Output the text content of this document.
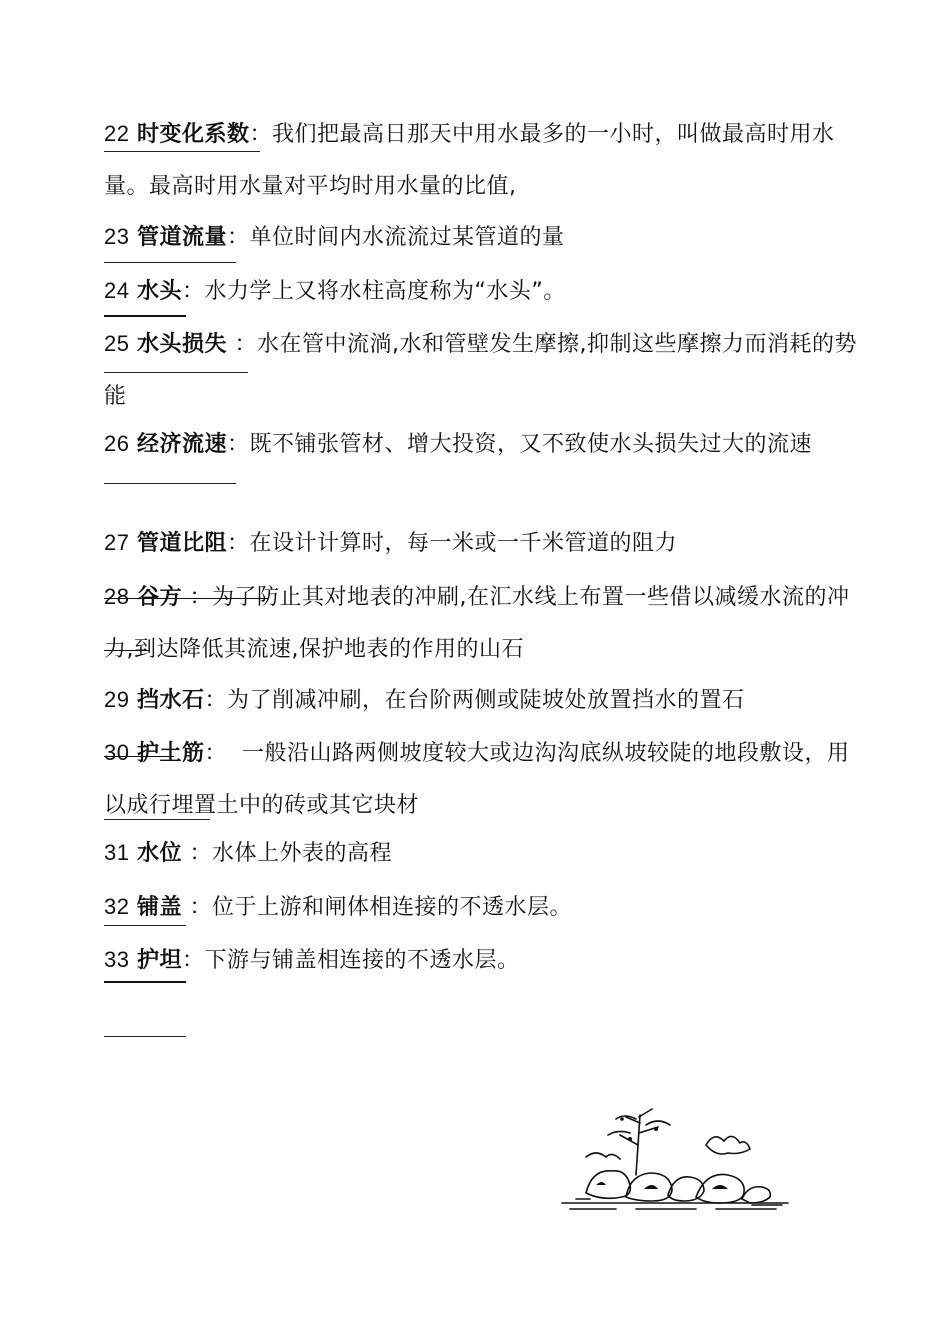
22 时变化系数：我们把最高日那天中用水最多的一小时，叫做最高时用水量。最高时用水量对平均时用水量的比值,
23 管道流量：单位时间内水流流过某管道的量
24 水头：水力学上又将水柱高度称为“水头”。
25 水头损失 ：水在管中流淌,水和管壁发生摩擦,抑制这些摩擦力而消耗的势能
26 经济流速：既不铺张管材、增大投资，又不致使水头损失过大的流速
27 管道比阻：在设计计算时，每一米或一千米管道的阻力
28 谷方 ：为了防止其对地表的冲刷,在汇水线上布置一些借以减缓水流的冲力,到达降低其流速,保护地表的作用的山石
29 挡水石：为了削减冲刷，在台阶两侧或陡坡处放置挡水的置石
30 护土筋：  一般沿山路两侧坡度较大或边沟沟底纵坡较陡的地段敷设，用以成行埋置土中的砖或其它块材
31 水位 ：水体上外表的高程
32 铺盖 ：位于上游和闸体相连接的不透水层。
33 护坦：下游与铺盖相连接的不透水层。
